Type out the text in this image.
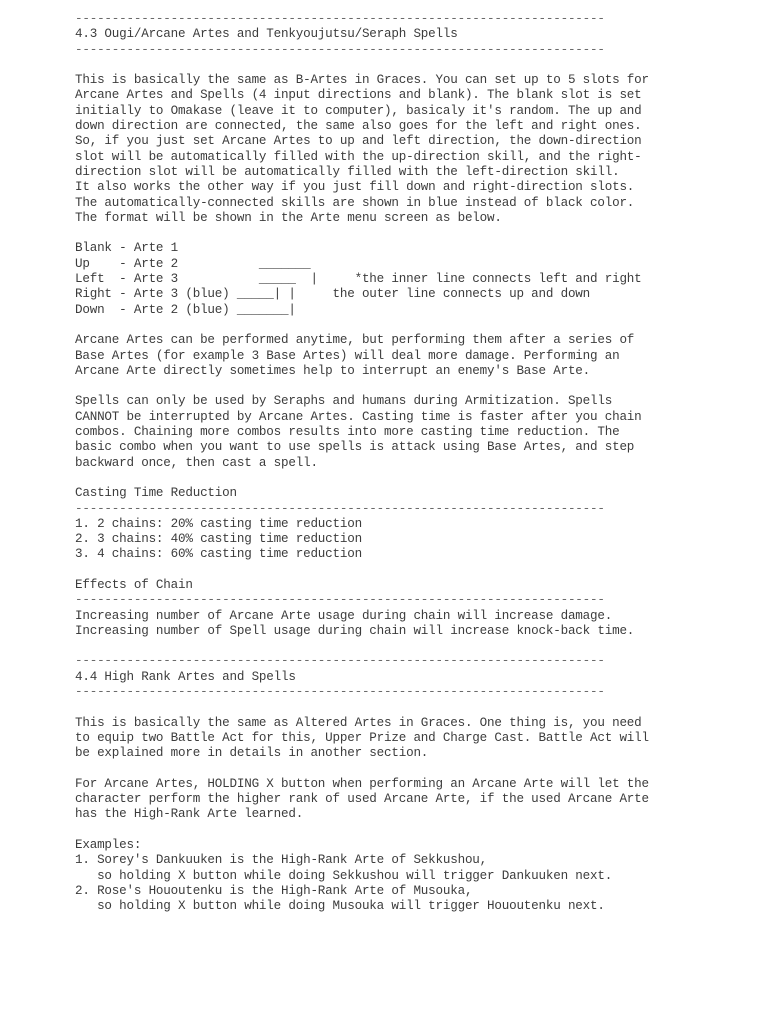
------------------------------------------------------------------------
4.3 Ougi/Arcane Artes and Tenkyoujutsu/Seraph Spells
------------------------------------------------------------------------
This is basically the same as B-Artes in Graces. You can set up to 5 slots for
Arcane Artes and Spells (4 input directions and blank). The blank slot is set
initially to Omakase (leave it to computer), basicaly it's random. The up and
down direction are connected, the same also goes for the left and right ones.
So, if you just set Arcane Artes to up and left direction, the down-direction
slot will be automatically filled with the up-direction skill, and the right-
direction slot will be automatically filled with the left-direction skill.
It also works the other way if you just fill down and right-direction slots.
The automatically-connected skills are shown in blue instead of black color.
The format will be shown in the Arte menu screen as below.
Blank - Arte 1
Up    - Arte 2           _______
Left  - Arte 3           _____  |     *the inner line connects left and right
Right - Arte 3 (blue) _____| |     the outer line connects up and down
Down  - Arte 2 (blue) _______|
Arcane Artes can be performed anytime, but performing them after a series of
Base Artes (for example 3 Base Artes) will deal more damage. Performing an
Arcane Arte directly sometimes help to interrupt an enemy's Base Arte.
Spells can only be used by Seraphs and humans during Armitization. Spells
CANNOT be interrupted by Arcane Artes. Casting time is faster after you chain
combos. Chaining more combos results into more casting time reduction. The
basic combo when you want to use spells is attack using Base Artes, and step
backward once, then cast a spell.
Casting Time Reduction
------------------------------------------------------------------------
1. 2 chains: 20% casting time reduction
2. 3 chains: 40% casting time reduction
3. 4 chains: 60% casting time reduction
Effects of Chain
------------------------------------------------------------------------
Increasing number of Arcane Arte usage during chain will increase damage.
Increasing number of Spell usage during chain will increase knock-back time.
------------------------------------------------------------------------
4.4 High Rank Artes and Spells
------------------------------------------------------------------------
This is basically the same as Altered Artes in Graces. One thing is, you need
to equip two Battle Act for this, Upper Prize and Charge Cast. Battle Act will
be explained more in details in another section.
For Arcane Artes, HOLDING X button when performing an Arcane Arte will let the
character perform the higher rank of used Arcane Arte, if the used Arcane Arte
has the High-Rank Arte learned.
Examples:
1. Sorey's Dankuuken is the High-Rank Arte of Sekkushou,
so holding X button while doing Sekkushou will trigger Dankuuken next.
2. Rose's Hououtenku is the High-Rank Arte of Musouka,
so holding X button while doing Musouka will trigger Hououtenku next.
